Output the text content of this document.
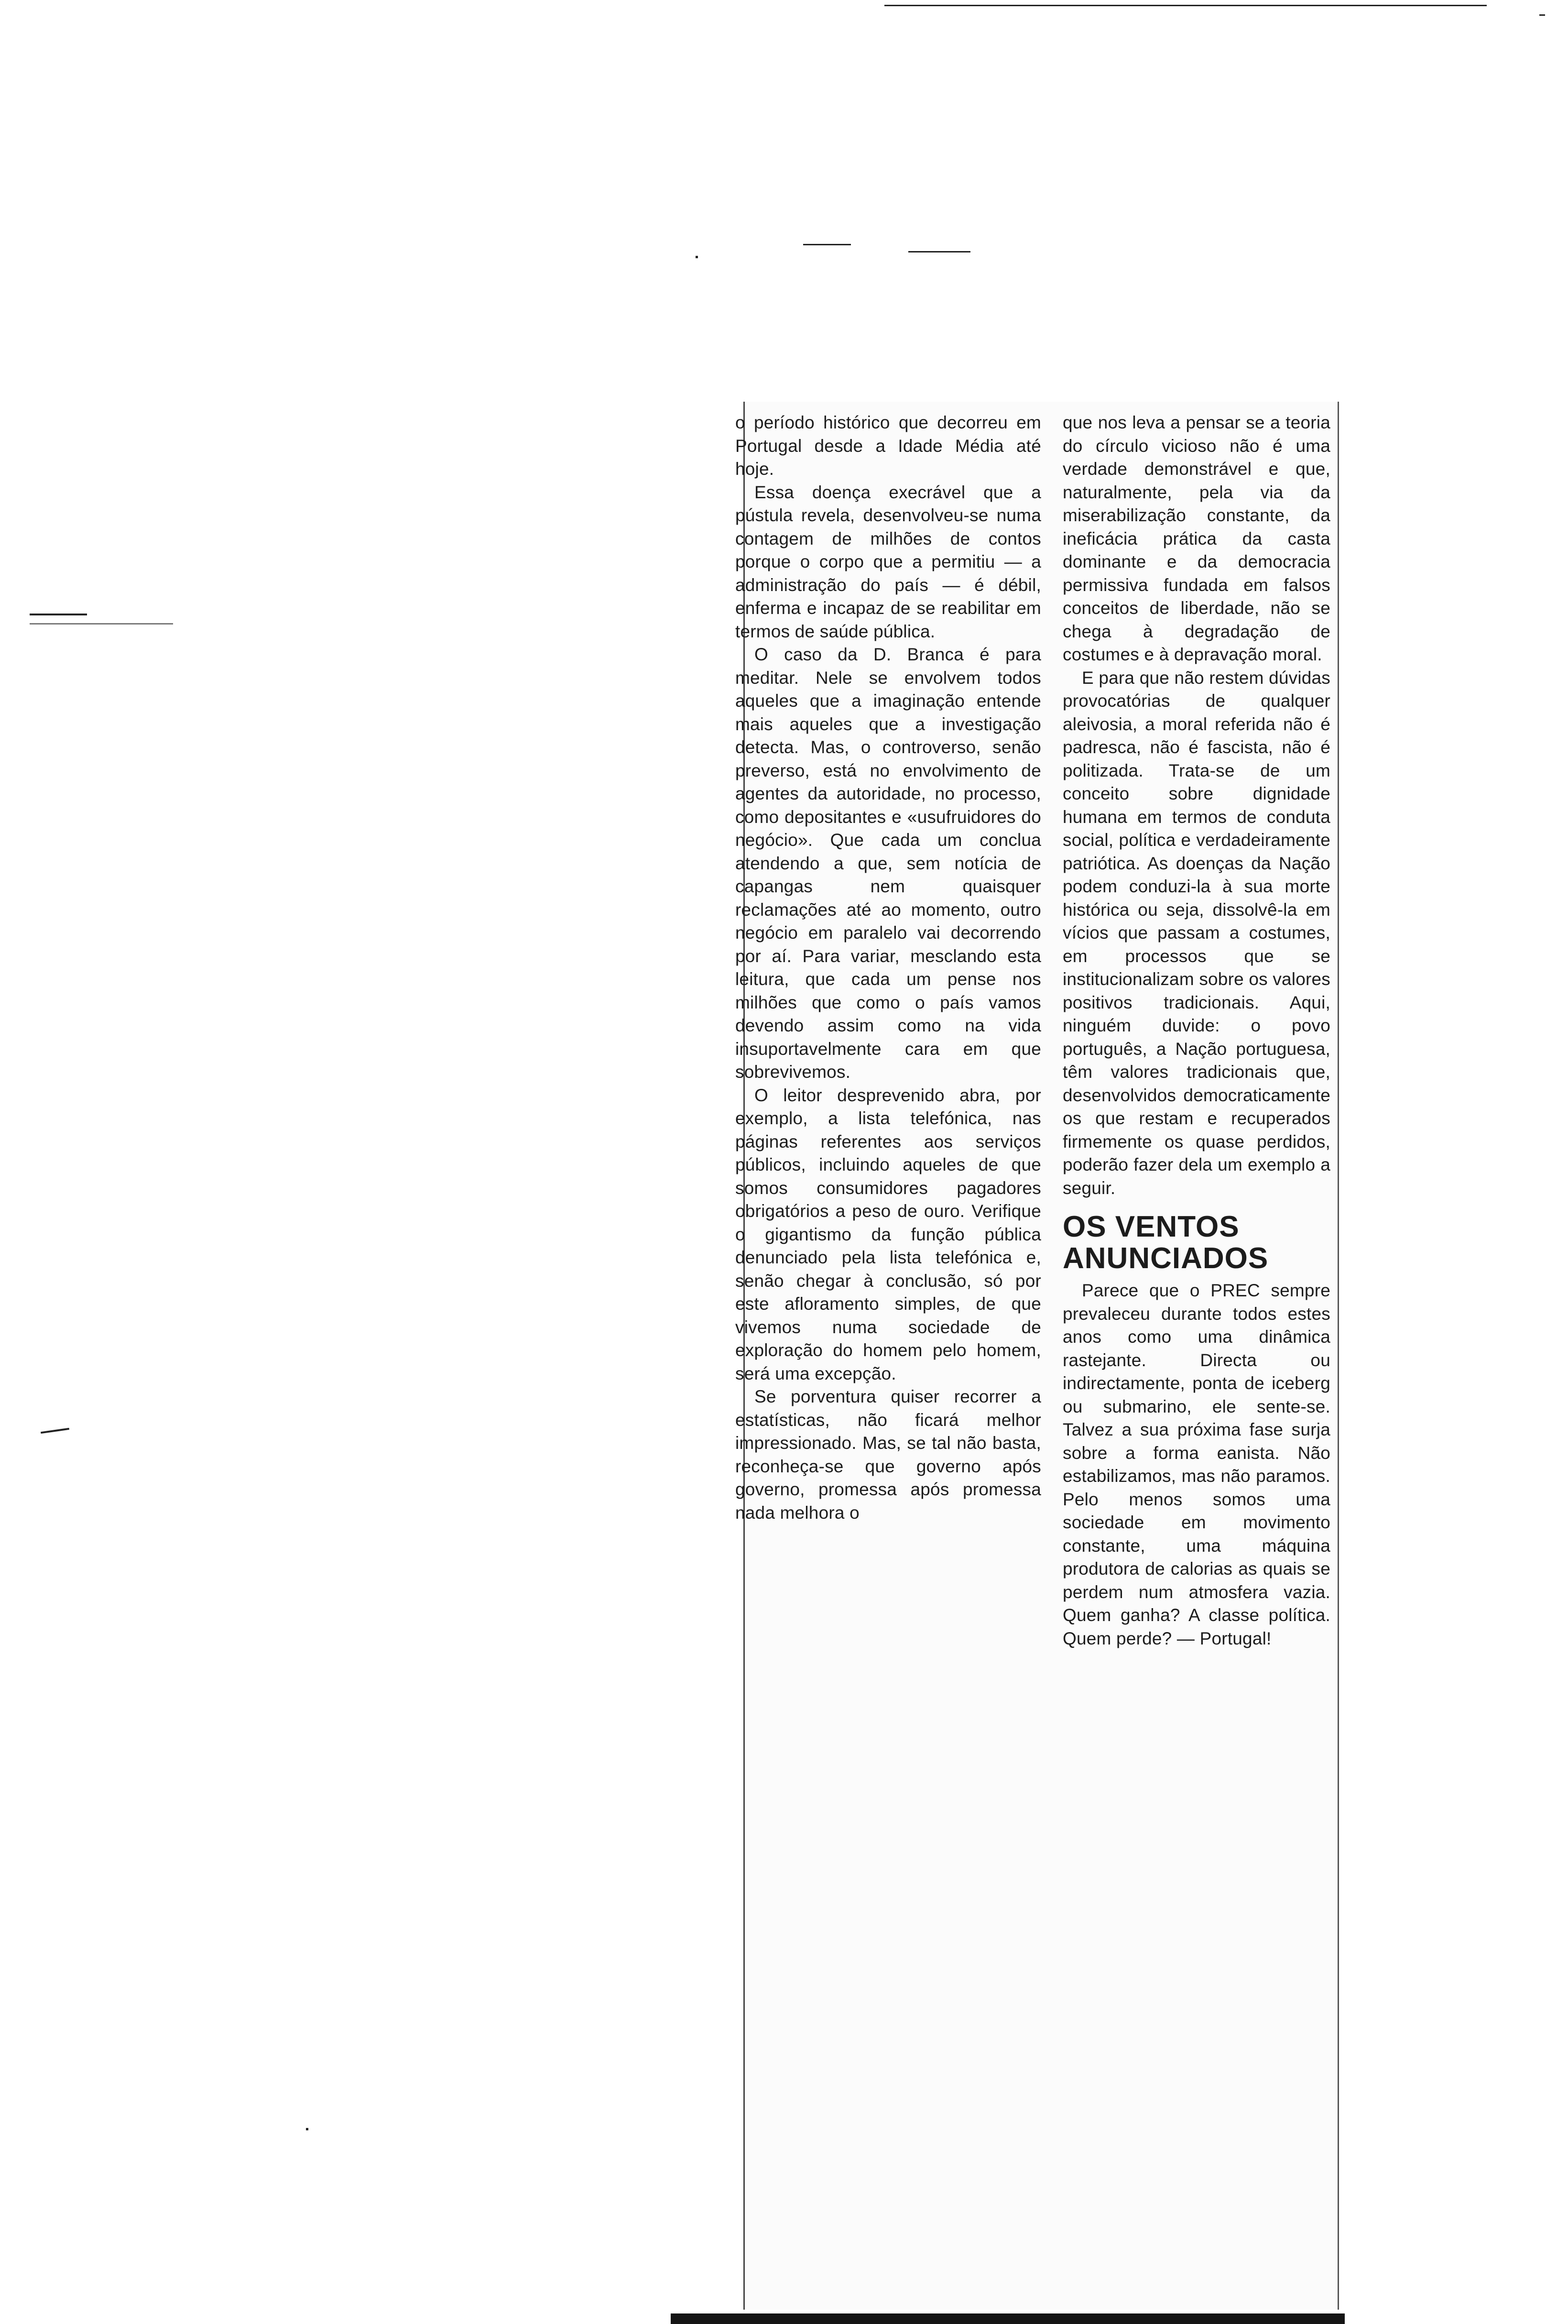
o período histórico que decorreu em Portugal desde a Idade Média até hoje.

Essa doença execrável que a pústula revela, desenvolveu-se numa contagem de milhões de contos porque o corpo que a permitiu — a administração do país — é débil, enferma e incapaz de se reabilitar em termos de saúde pública.

O caso da D. Branca é para meditar. Nele se envolvem todos aqueles que a imaginação entende mais aqueles que a investigação detecta. Mas, o controverso, senão preverso, está no envolvimento de agentes da autoridade, no processo, como depositantes e «usufruidores do negócio». Que cada um conclua atendendo a que, sem notícia de capangas nem quaisquer reclamações até ao momento, outro negócio em paralelo vai decorrendo por aí. Para variar, mesclando esta leitura, que cada um pense nos milhões que como o país vamos devendo assim como na vida insuportavelmente cara em que sobrevivemos.

O leitor desprevenido abra, por exemplo, a lista telefónica, nas páginas referentes aos serviços públicos, incluindo aqueles de que somos consumidores pagadores obrigatórios a peso de ouro. Verifique o gigantismo da função pública denunciado pela lista telefónica e, senão chegar à conclusão, só por este afloramento simples, de que vivemos numa sociedade de exploração do homem pelo homem, será uma excepção.

Se porventura quiser recorrer a estatísticas, não ficará melhor impressionado. Mas, se tal não basta, reconheça-se que governo após governo, promessa após promessa nada melhora o

que nos leva a pensar se a teoria do círculo vicioso não é uma verdade demonstrável e que, naturalmente, pela via da miserabilização constante, da ineficácia prática da casta dominante e da democracia permissiva fundada em falsos conceitos de liberdade, não se chega à degradação de costumes e à depravação moral.

E para que não restem dúvidas provocatórias de qualquer aleivosia, a moral referida não é padresca, não é fascista, não é politizada. Trata-se de um conceito sobre dignidade humana em termos de conduta social, política e verdadeiramente patriótica. As doenças da Nação podem conduzi-la à sua morte histórica ou seja, dissolvê-la em vícios que passam a costumes, em processos que se institucionalizam sobre os valores positivos tradicionais. Aqui, ninguém duvide: o povo português, a Nação portuguesa, têm valores tradicionais que, desenvolvidos democraticamente os que restam e recuperados firmemente os quase perdidos, poderão fazer dela um exemplo a seguir.

OS VENTOS ANUNCIADOS

Parece que o PREC sempre prevaleceu durante todos estes anos como uma dinâmica rastejante. Directa ou indirectamente, ponta de iceberg ou submarino, ele sente-se. Talvez a sua próxima fase surja sobre a forma eanista. Não estabilizamos, mas não paramos. Pelo menos somos uma sociedade em movimento constante, uma máquina produtora de calorias as quais se perdem num atmosfera vazia. Quem ganha? A classe política. Quem perde? — Portugal!
